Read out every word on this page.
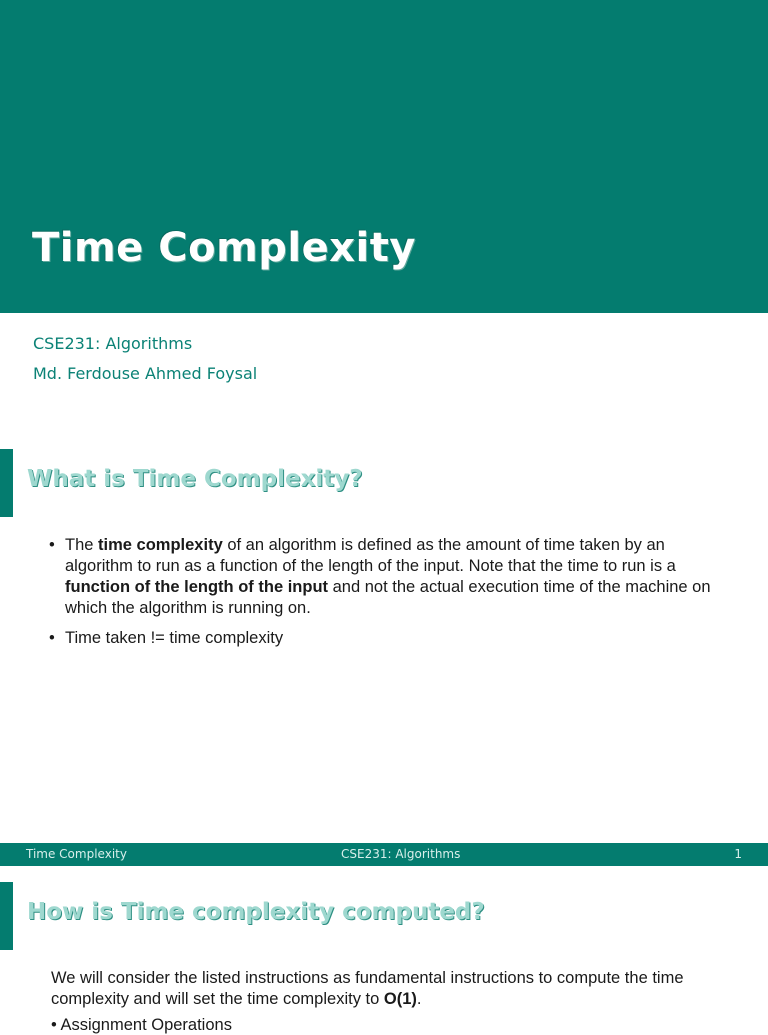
Time Complexity
CSE231: Algorithms
Md. Ferdouse Ahmed Foysal
What is Time Complexity?
• The time complexity of an algorithm is defined as the amount of time taken by an algorithm to run as a function of the length of the input. Note that the time to run is a function of the length of the input and not the actual execution time of the machine on which the algorithm is running on.
• Time taken != time complexity
Time Complexity	CSE231: Algorithms	1
How is Time complexity computed?
We will consider the listed instructions as fundamental instructions to compute the time complexity and will set the time complexity to O(1).
• Assignment Operations
